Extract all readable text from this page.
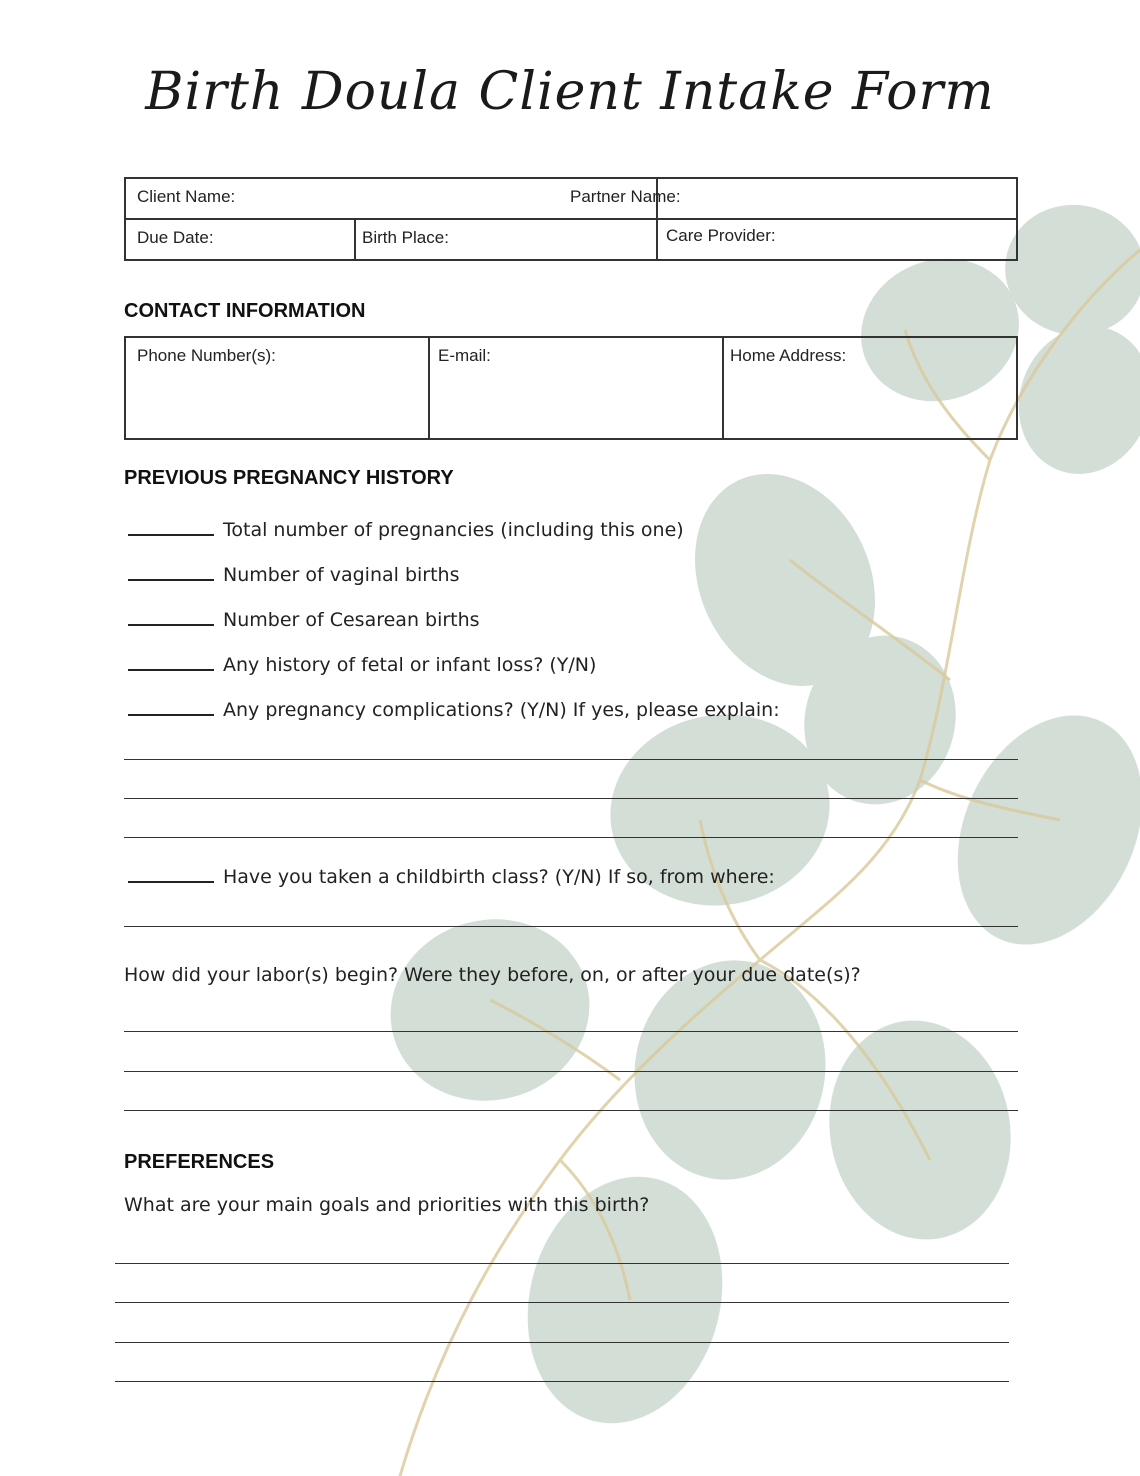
Birth Doula Client Intake Form
Client Name:		Partner Name:

Due Date:	Birth Place:	Care Provider:
CONTACT INFORMATION
Phone Number(s):	E-mail:	Home Address:
PREVIOUS PREGNANCY HISTORY
Total number of pregnancies (including this one)
Number of vaginal births
Number of Cesarean births
Any history of fetal or infant loss? (Y/N)
Any pregnancy complications? (Y/N) If yes, please explain:
Have you taken a childbirth class? (Y/N) If so, from where:
How did your labor(s) begin? Were they before, on, or after your due date(s)?
PREFERENCES
What are your main goals and priorities with this birth?
